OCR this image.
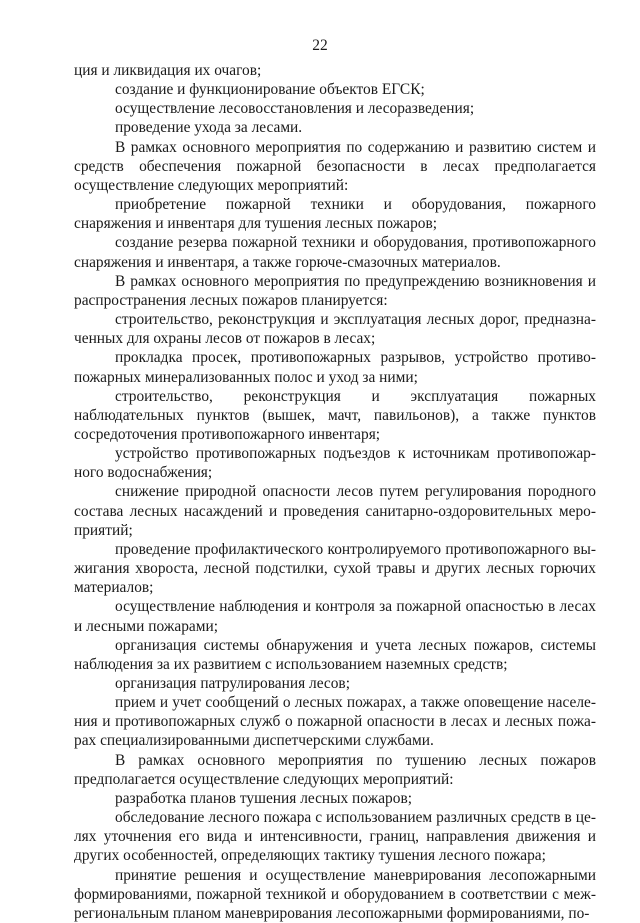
22

ция и ликвидация их очагов;

создание и функционирование объектов ЕГСК;

осуществление лесовосстановления и лесоразведения;

проведение ухода за лесами.

В рамках основного мероприятия по содержанию и развитию систем и средств обеспечения пожарной безопасности в лесах предполагается осуществление следующих мероприятий:

приобретение пожарной техники и оборудования, пожарного снаряжения и инвентаря для тушения лесных пожаров;

создание резерва пожарной техники и оборудования, противопожарного снаряжения и инвентаря, а также горюче-смазочных материалов.

В рамках основного мероприятия по предупреждению возникновения и распространения лесных пожаров планируется:

строительство, реконструкция и эксплуатация лесных дорог, предназначенных для охраны лесов от пожаров в лесах;

прокладка просек, противопожарных разрывов, устройство противопожарных минерализованных полос и уход за ними;

строительство, реконструкция и эксплуатация пожарных наблюдательных пунктов (вышек, мачт, павильонов), а также пунктов сосредоточения противопожарного инвентаря;

устройство противопожарных подъездов к источникам противопожарного водоснабжения;

снижение природной опасности лесов путем регулирования породного состава лесных насаждений и проведения санитарно-оздоровительных мероприятий;

проведение профилактического контролируемого противопожарного выжигания хвороста, лесной подстилки, сухой травы и других лесных горючих материалов;

осуществление наблюдения и контроля за пожарной опасностью в лесах и лесными пожарами;

организация системы обнаружения и учета лесных пожаров, системы наблюдения за их развитием с использованием наземных средств;

организация патрулирования лесов;

прием и учет сообщений о лесных пожарах, а также оповещение населения и противопожарных служб о пожарной опасности в лесах и лесных пожарах специализированными диспетчерскими службами.

В рамках основного мероприятия по тушению лесных пожаров предполагается осуществление следующих мероприятий:

разработка планов тушения лесных пожаров;

обследование лесного пожара с использованием различных средств в целях уточнения его вида и интенсивности, границ, направления движения и других особенностей, определяющих тактику тушения лесного пожара;

принятие решения и осуществление маневрирования лесопожарными формированиями, пожарной техникой и оборудованием в соответствии с межрегиональным планом маневрирования лесопожарными формированиями, по-
